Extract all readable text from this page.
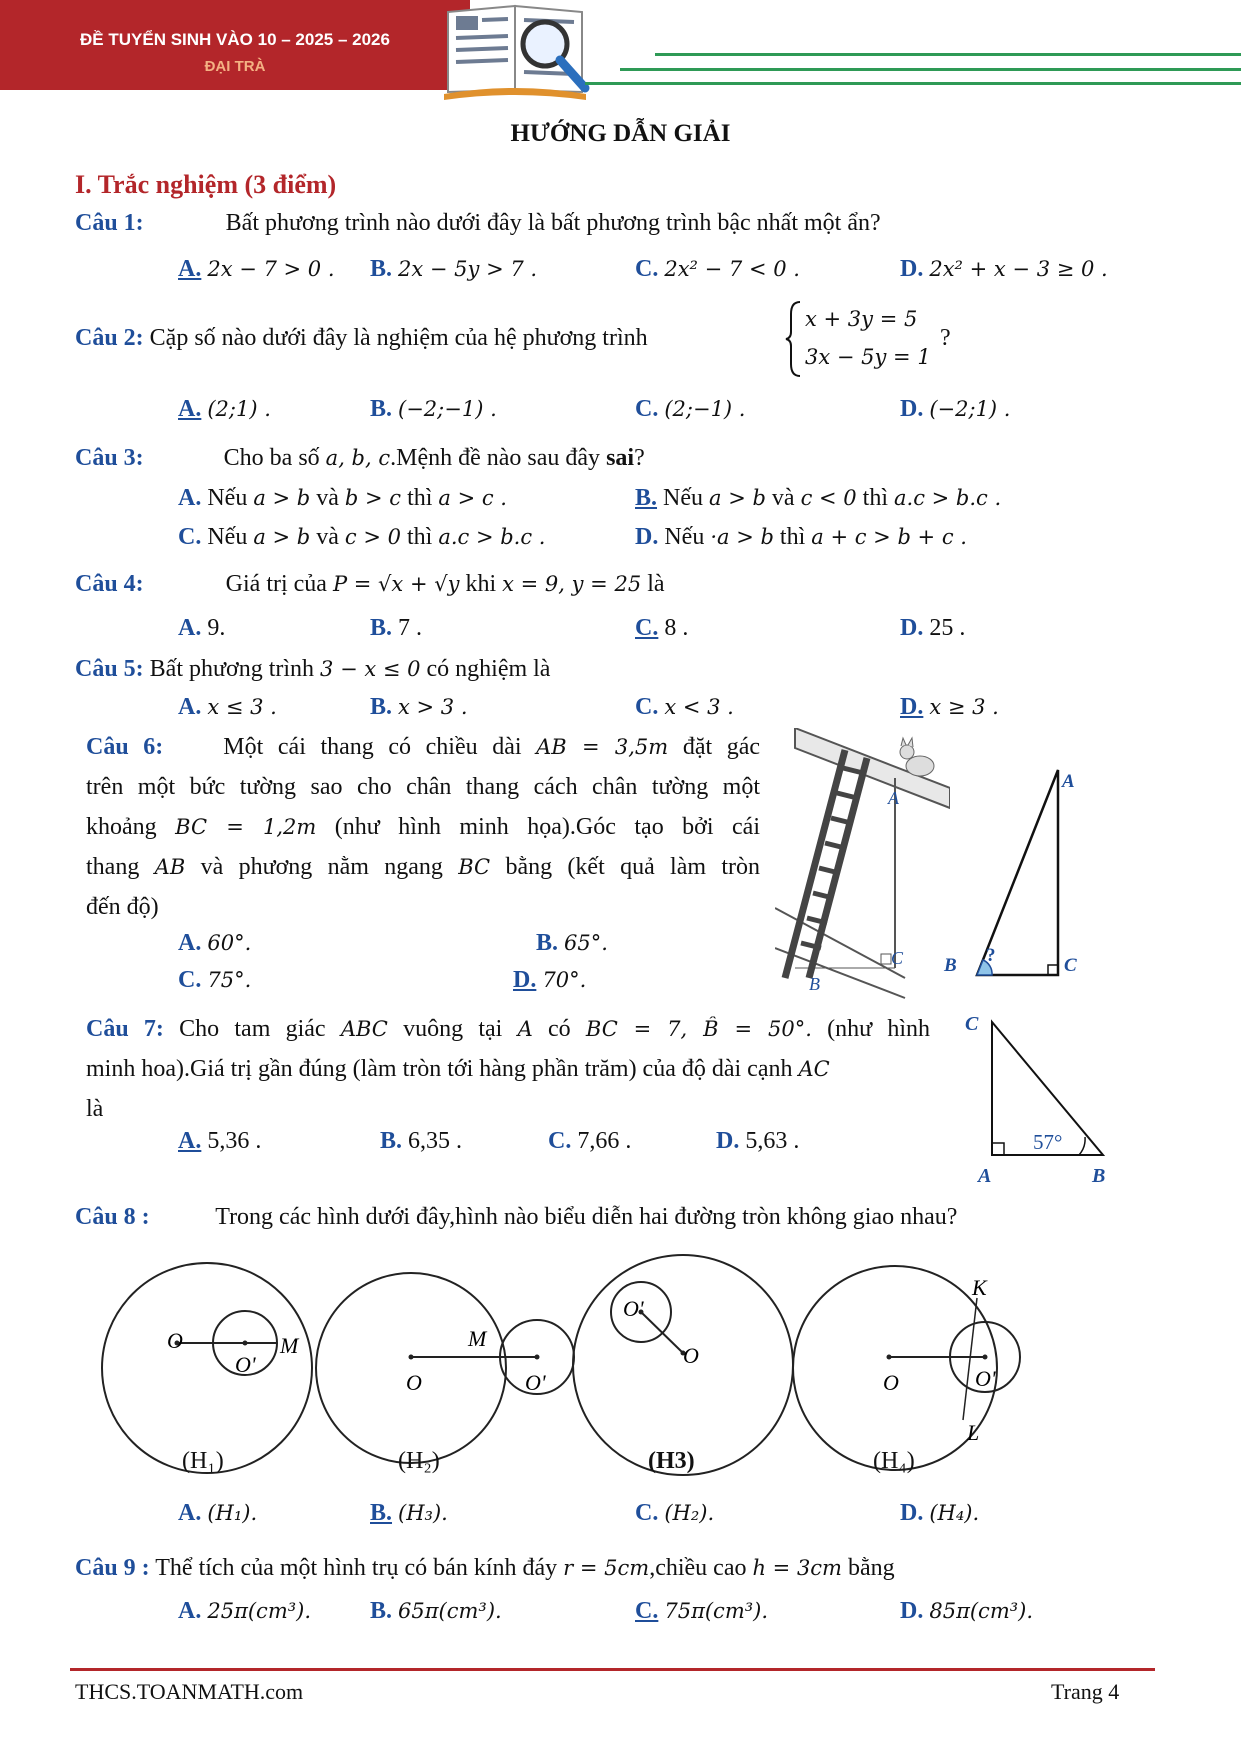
ĐỀ TUYỂN SINH VÀO 10 – 2025 – 2026
ĐẠI TRÀ
HƯỚNG DẪN GIẢI
I. Trắc nghiệm (3 điểm)
Câu 1:	Bất phương trình nào dưới đây là bất phương trình bậc nhất một ẩn?
A. 2x − 7 > 0 . B. 2x − 5y > 7 .	C. 2x² − 7 < 0 .	D. 2x² + x − 3 ≥ 0 .
Câu 2: Cặp số nào dưới đây là nghiệm của hệ phương trình
x + 3y = 5
3x − 5y = 1
?
A. (2;1) .	B. (−2;−1) .	C. (2;−1) .	D. (−2;1) .
Câu 3:	Cho ba số a, b, c.Mệnh đề nào sau đây sai?
A. Nếu a > b và b > c thì a > c .	B. Nếu a > b và c < 0 thì a.c > b.c .
C. Nếu a > b và c > 0 thì a.c > b.c .	D. Nếu ·a > b thì a + c > b + c .
Câu 4:	Giá trị của P = √x + √y khi x = 9, y = 25 là
A. 9.	B. 7 .	C. 8 .	D. 25 .
Câu 5: Bất phương trình 3 − x ≤ 0 có nghiệm là
A. x ≤ 3 .	B. x > 3 .	C. x < 3 .	D. x ≥ 3 .
Câu 6:	Một cái thang có chiều dài AB = 3,5m đặt gác
trên một bức tường sao cho chân thang cách chân tường một
khoảng BC = 1,2m (như hình minh họa).Góc tạo bởi cái
thang AB và phương nằm ngang BC bằng (kết quả làm tròn
đến độ)
A. 60°.	B. 65°.
C. 75°.	D. 70°.
A
C
B
A
B	C
?
Câu 7: Cho tam giác ABC vuông tại A có BC = 7, B̂ = 50°. (như hình
minh hoa).Giá trị gần đúng (làm tròn tới hàng phần trăm) của độ dài cạnh AC
là
A. 5,36 .	B. 6,35 .	C. 7,66 .	D. 5,63 .
C
A	B
57°
Câu 8 :	Trong các hình dưới đây,hình nào biểu diễn hai đường tròn không giao nhau?
O
O'
M
O	O'
M
O'
O
O	O'
K
L
(H₁)	(H₂)	(H3)	(H₄)
A. (H₁).	B. (H₃).	C. (H₂).	D. (H₄).
Câu 9 : Thể tích của một hình trụ có bán kính đáy r = 5cm,chiều cao h = 3cm bằng
A. 25π(cm³). B. 65π(cm³).	C. 75π(cm³).	D. 85π(cm³).
THCS.TOANMATH.com	Trang 4
